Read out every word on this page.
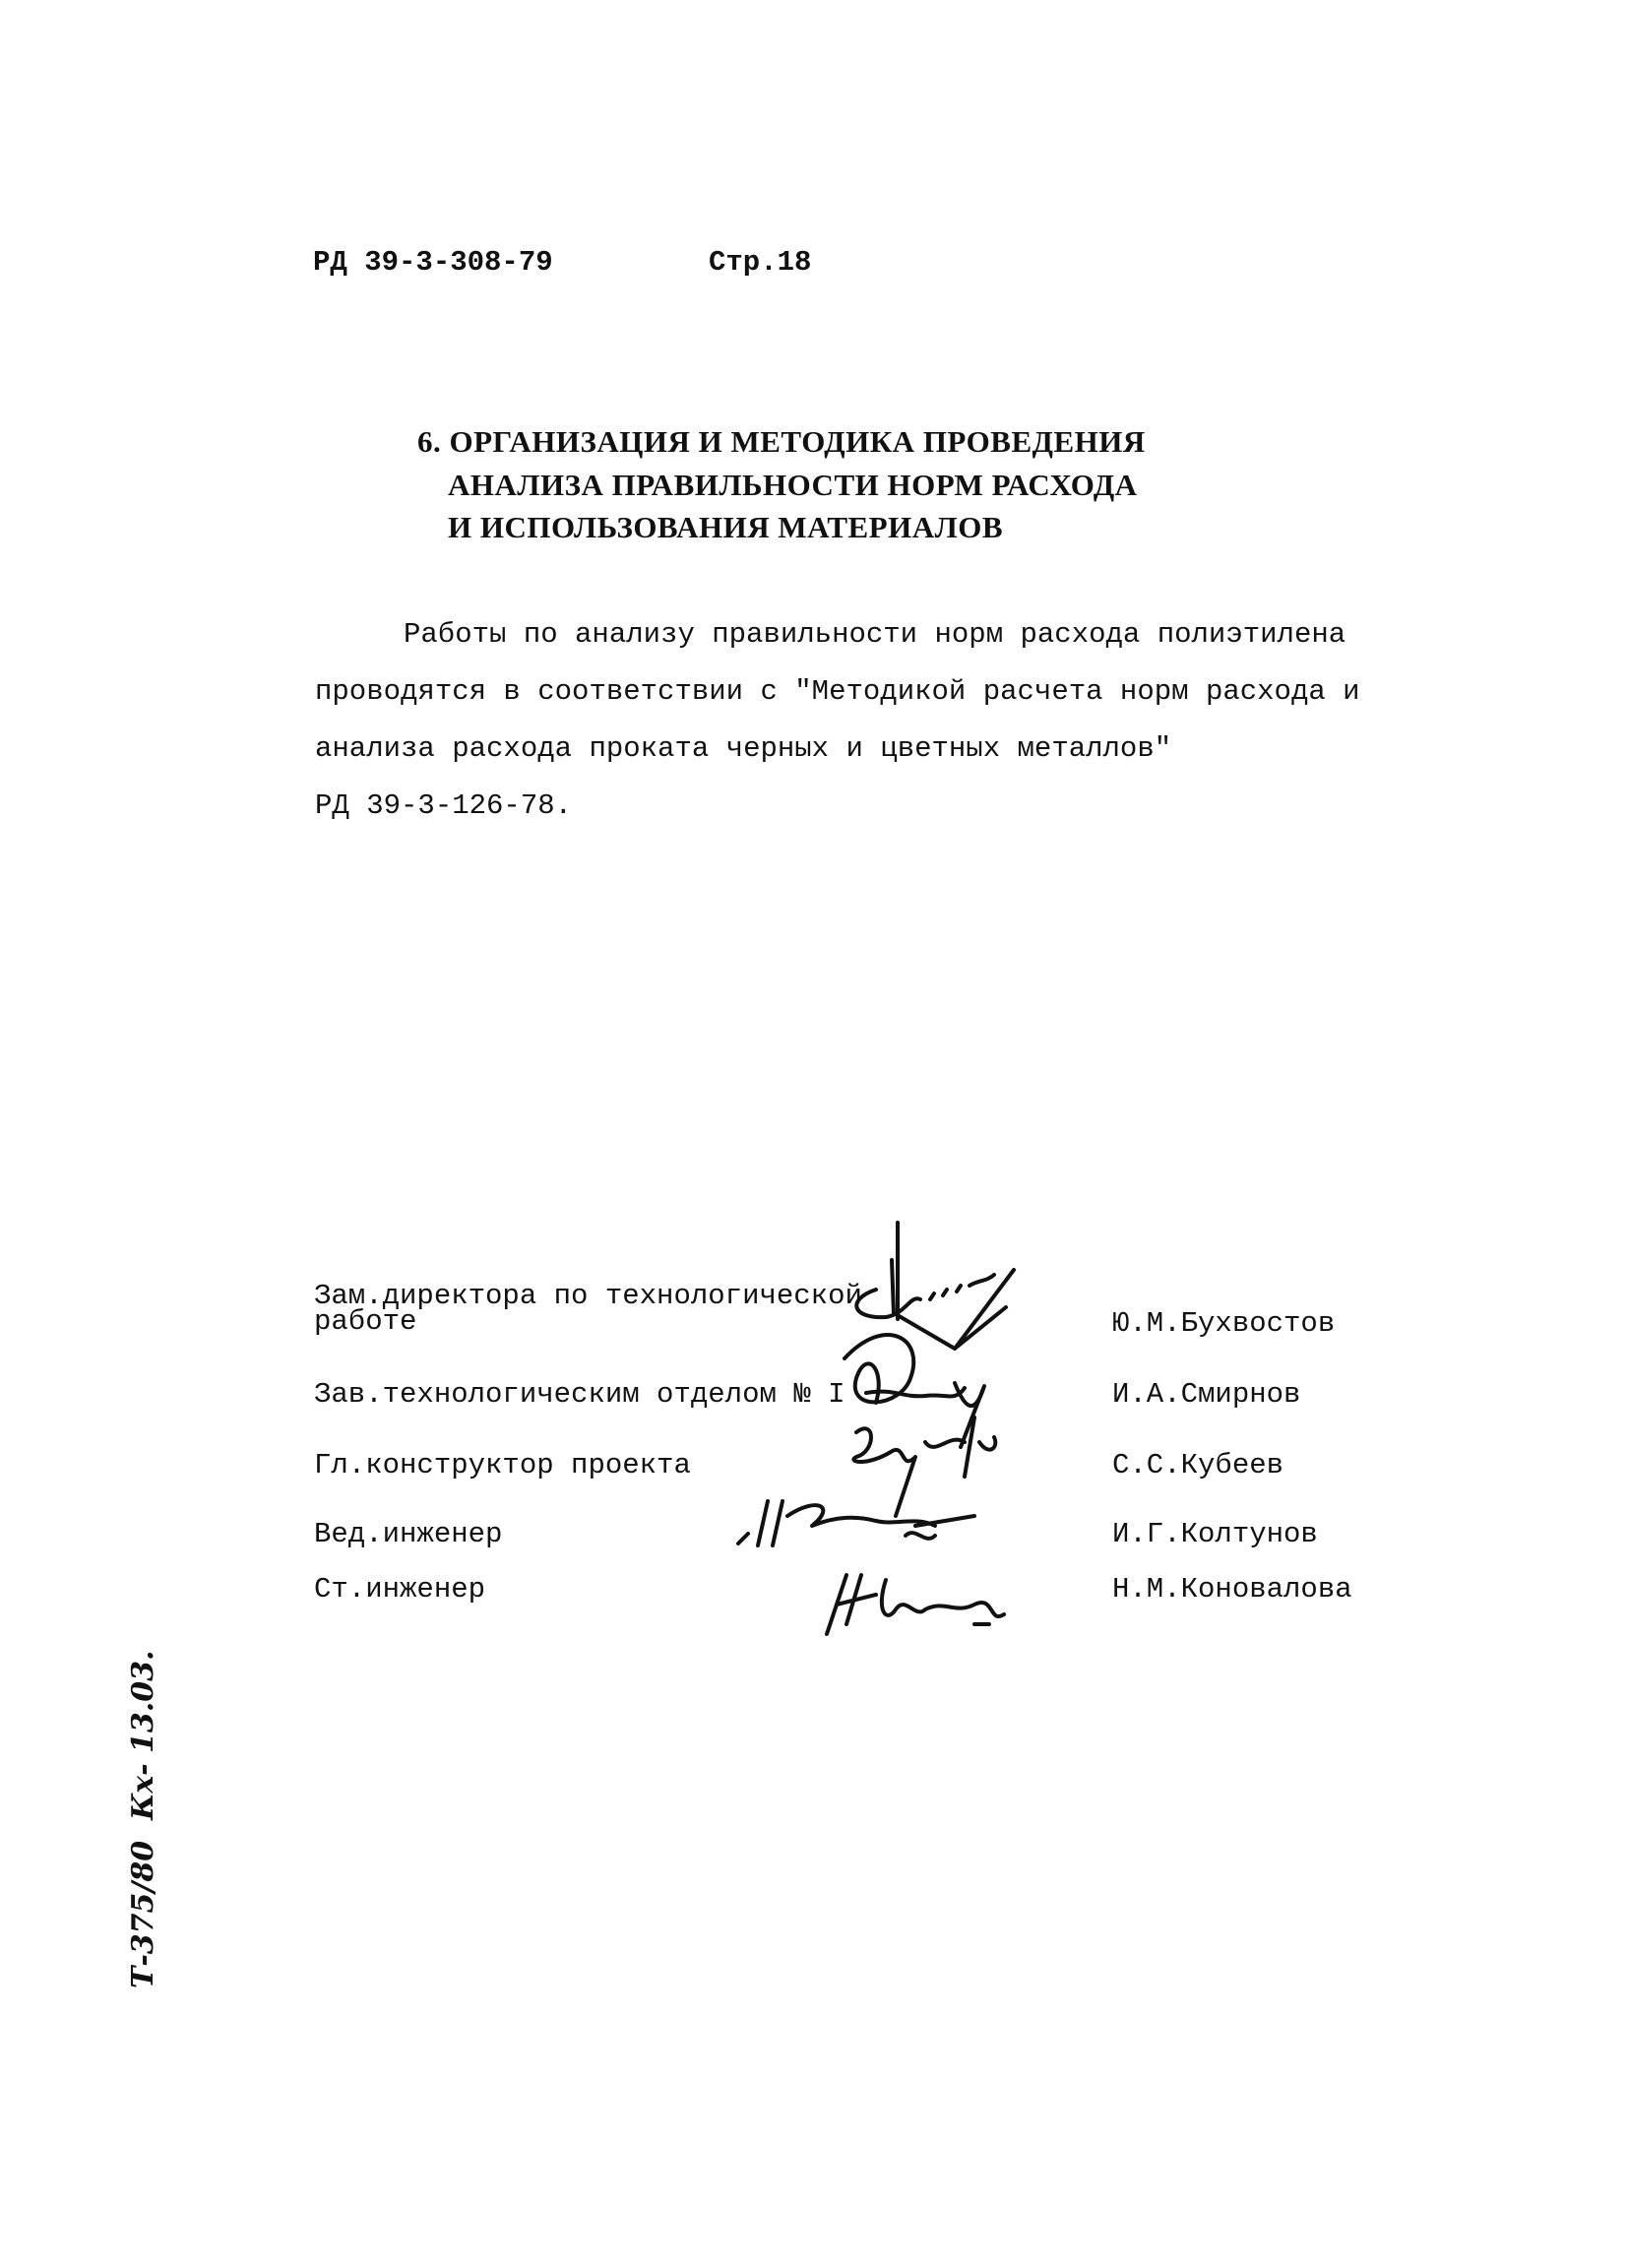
РД 39-3-308-79	Стр.18
6. ОРГАНИЗАЦИЯ И МЕТОДИКА ПРОВЕДЕНИЯ
АНАЛИЗА ПРАВИЛЬНОСТИ НОРМ РАСХОДА
И ИСПОЛЬЗОВАНИЯ МАТЕРИАЛОВ
Работы по анализу правильности норм расхода полиэтилена
проводятся в соответствии с "Методикой расчета норм расхода и
анализа расхода проката черных и цветных металлов"
РД 39-3-126-78.
Зам.директора по технологической
работе	Ю.М.Бухвостов
Зав.технологическим отделом № I	И.А.Смирнов
Гл.конструктор проекта	С.С.Кубеев
Вед.инженер	И.Г.Колтунов
Ст.инженер	Н.М.Коновалова
Т-375/80  Кх- 13.03.
